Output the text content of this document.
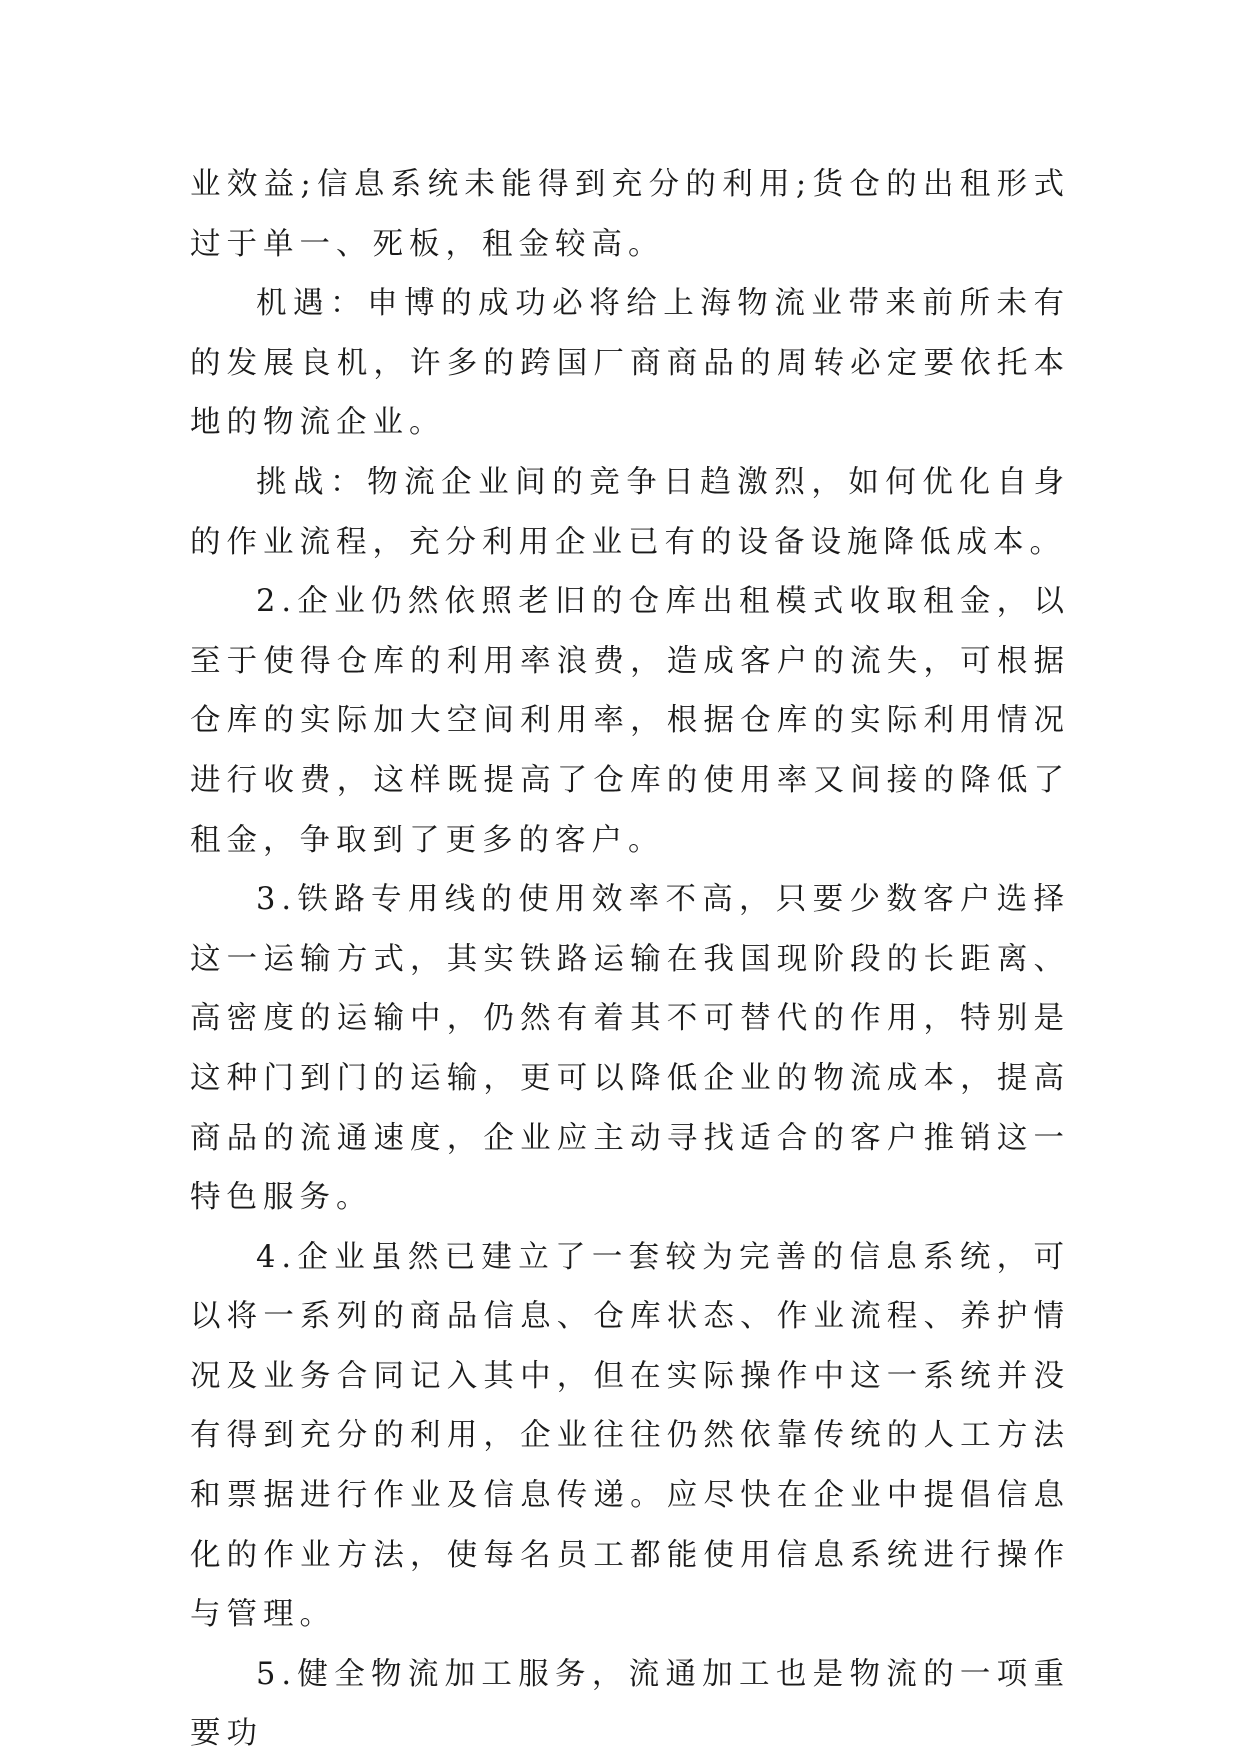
业效益;信息系统未能得到充分的利用;货仓的出租形式过于单一、死板，租金较高。

机遇：申博的成功必将给上海物流业带来前所未有的发展良机，许多的跨国厂商商品的周转必定要依托本地的物流企业。

挑战：物流企业间的竞争日趋激烈，如何优化自身的作业流程，充分利用企业已有的设备设施降低成本。

2.企业仍然依照老旧的仓库出租模式收取租金，以至于使得仓库的利用率浪费，造成客户的流失，可根据仓库的实际加大空间利用率，根据仓库的实际利用情况进行收费，这样既提高了仓库的使用率又间接的降低了租金，争取到了更多的客户。

3.铁路专用线的使用效率不高，只要少数客户选择这一运输方式，其实铁路运输在我国现阶段的长距离、高密度的运输中，仍然有着其不可替代的作用，特别是这种门到门的运输，更可以降低企业的物流成本，提高商品的流通速度，企业应主动寻找适合的客户推销这一特色服务。

4.企业虽然已建立了一套较为完善的信息系统，可以将一系列的商品信息、仓库状态、作业流程、养护情况及业务合同记入其中，但在实际操作中这一系统并没有得到充分的利用，企业往往仍然依靠传统的人工方法和票据进行作业及信息传递。应尽快在企业中提倡信息化的作业方法，使每名员工都能使用信息系统进行操作与管理。

5.健全物流加工服务，流通加工也是物流的一项重要功
